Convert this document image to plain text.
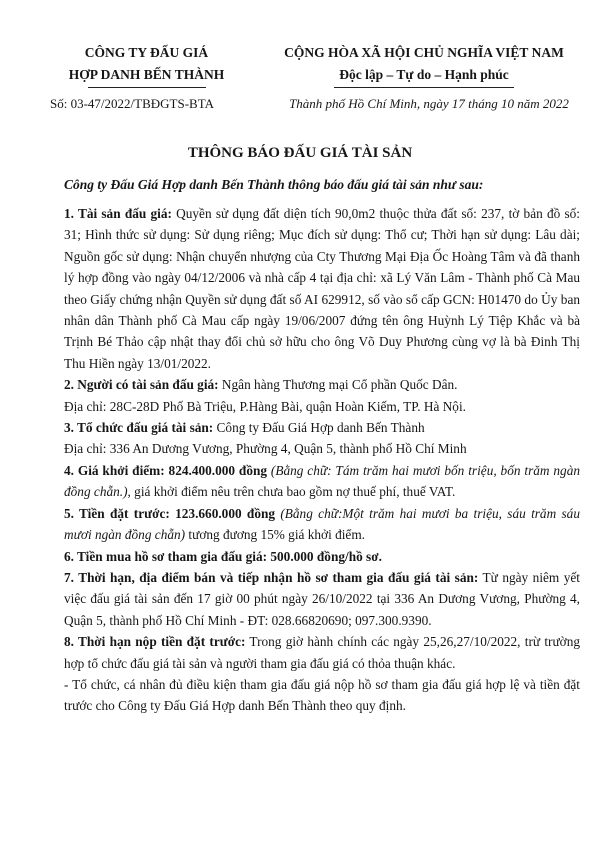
CÔNG TY ĐẤU GIÁ
HỢP DANH BẾN THÀNH
CỘNG HÒA XÃ HỘI CHỦ NGHĨA VIỆT NAM
Độc lập – Tự do – Hạnh phúc
Số: 03-47/2022/TBĐGTS-BTA	Thành phố Hồ Chí Minh, ngày 17 tháng 10 năm 2022
THÔNG BÁO ĐẤU GIÁ TÀI SẢN
Công ty Đấu Giá Hợp danh Bến Thành thông báo đấu giá tài sản như sau:

1. Tài sản đấu giá: Quyền sử dụng đất diện tích 90,0m2 thuộc thửa đất số: 237, tờ bản đồ số: 31; Hình thức sử dụng: Sử dụng riêng; Mục đích sử dụng: Thổ cư; Thời hạn sử dụng: Lâu dài; Nguồn gốc sử dụng: Nhận chuyển nhượng của Cty Thương Mại Địa Ốc Hoàng Tâm và đã thanh lý hợp đồng vào ngày 04/12/2006 và nhà cấp 4 tại địa chỉ: xã Lý Văn Lâm - Thành phố Cà Mau theo Giấy chứng nhận Quyền sử dụng đất số AI 629912, số vào sổ cấp GCN: H01470 do Ủy ban nhân dân Thành phố Cà Mau cấp ngày 19/06/2007 đứng tên ông Huỳnh Lý Tiệp Khắc và bà Trịnh Bé Thảo cập nhật thay đổi chủ sở hữu cho ông Võ Duy Phương cùng vợ là bà Đinh Thị Thu Hiền ngày 13/01/2022.

2. Người có tài sản đấu giá: Ngân hàng Thương mại Cổ phần Quốc Dân.

Địa chỉ: 28C-28D Phố Bà Triệu, P.Hàng Bài, quận Hoàn Kiếm, TP. Hà Nội.

3. Tổ chức đấu giá tài sản: Công ty Đấu Giá Hợp danh Bến Thành

Địa chỉ: 336 An Dương Vương, Phường 4, Quận 5, thành phố Hồ Chí Minh

4. Giá khởi điểm: 824.400.000 đồng (Bằng chữ: Tám trăm hai mươi bốn triệu, bốn trăm ngàn đồng chẵn.), giá khởi điểm nêu trên chưa bao gồm nợ thuế phí, thuế VAT.

5. Tiền đặt trước: 123.660.000 đồng (Bằng chữ:Một trăm hai mươi ba triệu, sáu trăm sáu mươi ngàn đồng chẵn) tương đương 15% giá khởi điểm.

6. Tiền mua hồ sơ tham gia đấu giá: 500.000 đồng/hồ sơ.

7. Thời hạn, địa điểm bán và tiếp nhận hồ sơ tham gia đấu giá tài sản: Từ ngày niêm yết việc đấu giá tài sản đến 17 giờ 00 phút ngày 26/10/2022 tại 336 An Dương Vương, Phường 4, Quận 5, thành phố Hồ Chí Minh - ĐT: 028.66820690; 097.300.9390.

8. Thời hạn nộp tiền đặt trước: Trong giờ hành chính các ngày 25,26,27/10/2022, trừ trường hợp tổ chức đấu giá tài sản và người tham gia đấu giá có thỏa thuận khác.

- Tổ chức, cá nhân đủ điều kiện tham gia đấu giá nộp hồ sơ tham gia đấu giá hợp lệ và tiền đặt trước cho Công ty Đấu Giá Hợp danh Bến Thành theo quy định.
